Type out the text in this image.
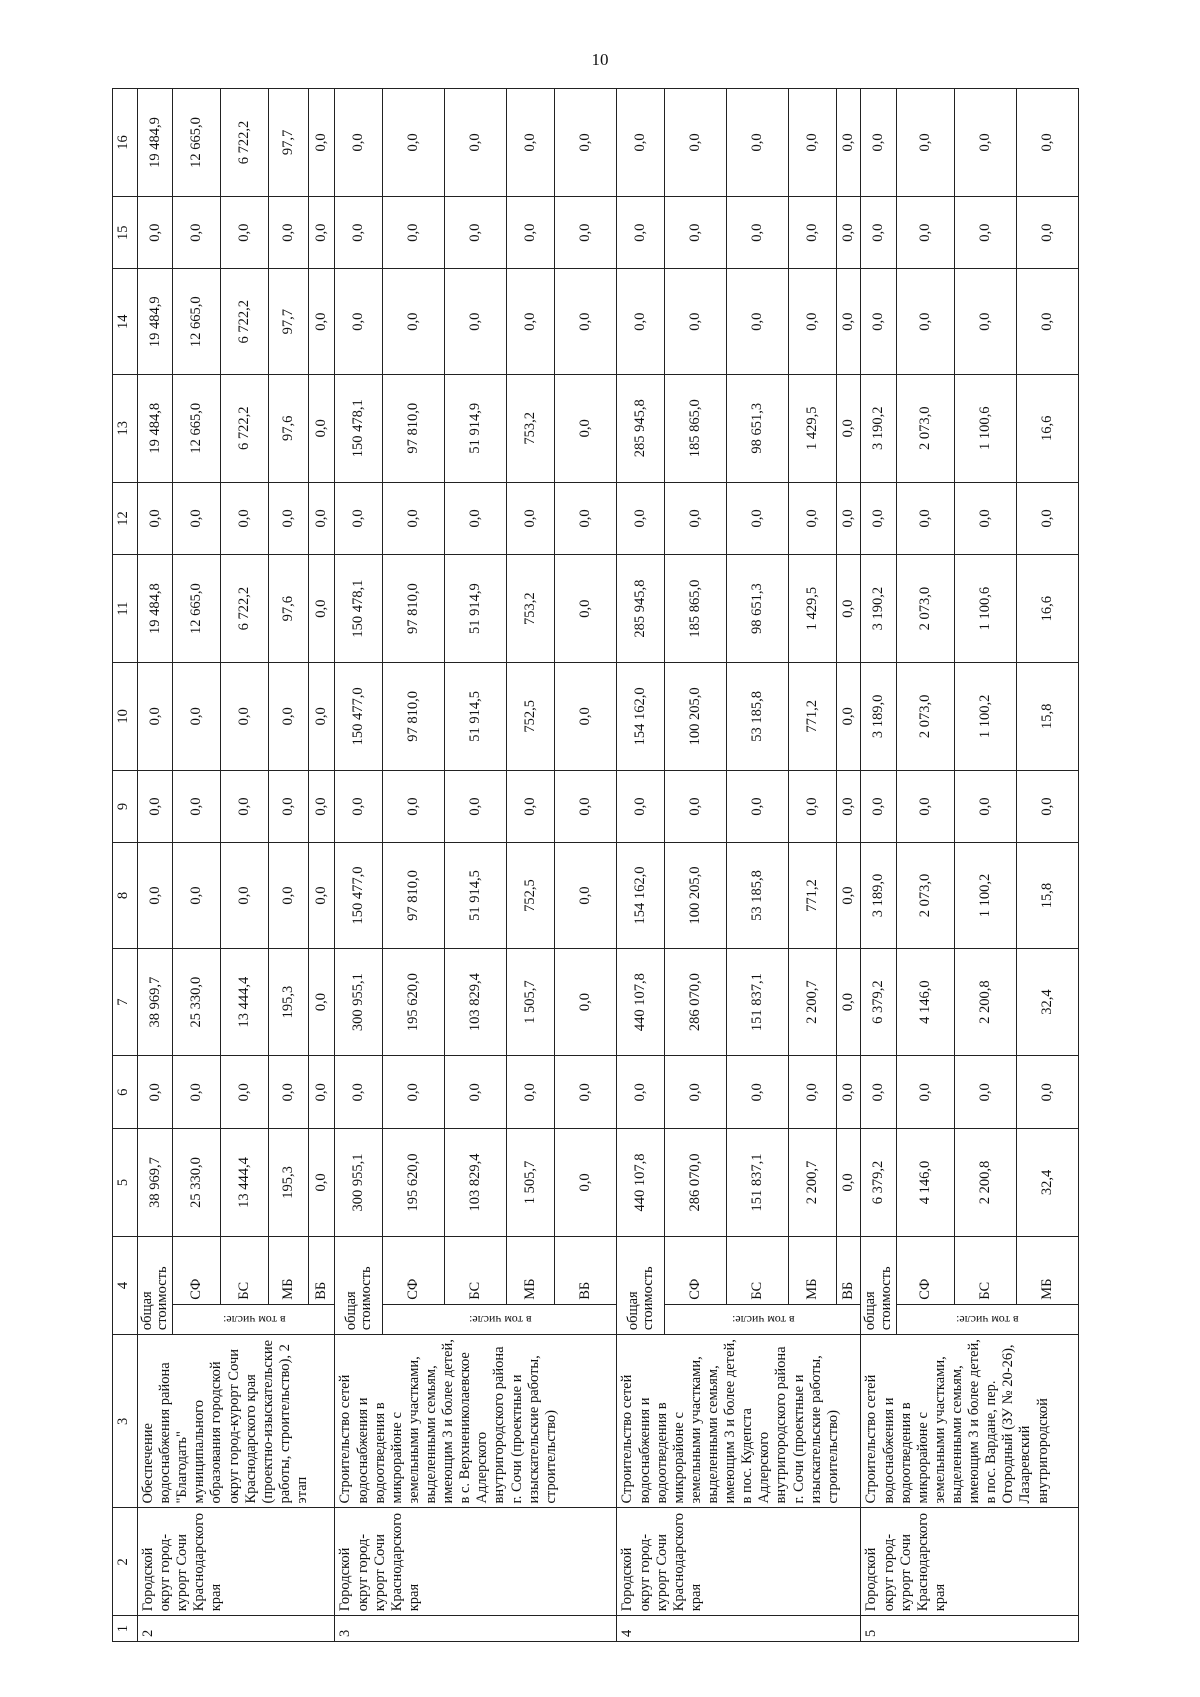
10
1	2	3	4		5	6	7	8	9	10	11	12	13	14	15	16
2	Городской округ город-курорт Сочи Краснодарского края	Обеспечение водоснабжения района "Благодать" муниципального образования городской округ город-курорт Сочи Краснодарского края (проектно-изыскательские работы, строительство), 2 этап	общая стоимость		38 969,7	0,0	38 969,7	0,0	0,0	0,0	19 484,8	0,0	19 484,8	19 484,9	0,0	19 484,9

			в том числе:	СФ	25 330,0	0,0	25 330,0	0,0	0,0	0,0	12 665,0	0,0	12 665,0	12 665,0	0,0	12 665,0
				БС	13 444,4	0,0	13 444,4	0,0	0,0	0,0	6 722,2	0,0	6 722,2	6 722,2	0,0	6 722,2
				МБ	195,3	0,0	195,3	0,0	0,0	0,0	97,6	0,0	97,6	97,7	0,0	97,7
				ВБ	0,0	0,0	0,0	0,0	0,0	0,0	0,0	0,0	0,0	0,0	0,0	0,0
3	Городской округ город-курорт Сочи Краснодарского края	Строительство сетей водоснабжения и водоотведения в микрорайоне с земельными участками, выделенными семьям, имеющим 3 и более детей, в с. Верхнениколаевское Адлерского внутригородского района г. Сочи (проектные и изыскательские работы, строительство)	общая стоимость		300 955,1	0,0	300 955,1	150 477,0	0,0	150 477,0	150 478,1	0,0	150 478,1	0,0	0,0	0,0

			в том числе:	СФ	195 620,0	0,0	195 620,0	97 810,0	0,0	97 810,0	97 810,0	0,0	97 810,0	0,0	0,0	0,0
				БС	103 829,4	0,0	103 829,4	51 914,5	0,0	51 914,5	51 914,9	0,0	51 914,9	0,0	0,0	0,0
				МБ	1 505,7	0,0	1 505,7	752,5	0,0	752,5	753,2	0,0	753,2	0,0	0,0	0,0
				ВБ	0,0	0,0	0,0	0,0	0,0	0,0	0,0	0,0	0,0	0,0	0,0	0,0
4	Городской округ город-курорт Сочи Краснодарского края	Строительство сетей водоснабжения и водоотведения в микрорайоне с земельными участками, выделенными семьям, имеющим 3 и более детей, в пос. Кудепста Адлерского внутригородского района г. Сочи (проектные и изыскательские работы, строительство)	общая стоимость		440 107,8	0,0	440 107,8	154 162,0	0,0	154 162,0	285 945,8	0,0	285 945,8	0,0	0,0	0,0

			в том числе:	СФ	286 070,0	0,0	286 070,0	100 205,0	0,0	100 205,0	185 865,0	0,0	185 865,0	0,0	0,0	0,0
				БС	151 837,1	0,0	151 837,1	53 185,8	0,0	53 185,8	98 651,3	0,0	98 651,3	0,0	0,0	0,0
				МБ	2 200,7	0,0	2 200,7	771,2	0,0	771,2	1 429,5	0,0	1 429,5	0,0	0,0	0,0
				ВБ	0,0	0,0	0,0	0,0	0,0	0,0	0,0	0,0	0,0	0,0	0,0	0,0
5	Городской округ город-курорт Сочи Краснодарского края	Строительство сетей водоснабжения и водоотведения в микрорайоне с земельными участками, выделенными семьям, имеющим 3 и более детей, в пос. Вардане, пер. Огородный (ЗУ № 20-26), Лазаревский внутригородской	общая стоимость		6 379,2	0,0	6 379,2	3 189,0	0,0	3 189,0	3 190,2	0,0	3 190,2	0,0	0,0	0,0

			в том числе:	СФ	4 146,0	0,0	4 146,0	2 073,0	0,0	2 073,0	2 073,0	0,0	2 073,0	0,0	0,0	0,0
				БС	2 200,8	0,0	2 200,8	1 100,2	0,0	1 100,2	1 100,6	0,0	1 100,6	0,0	0,0	0,0
				МБ	32,4	0,0	32,4	15,8	0,0	15,8	16,6	0,0	16,6	0,0	0,0	0,0
